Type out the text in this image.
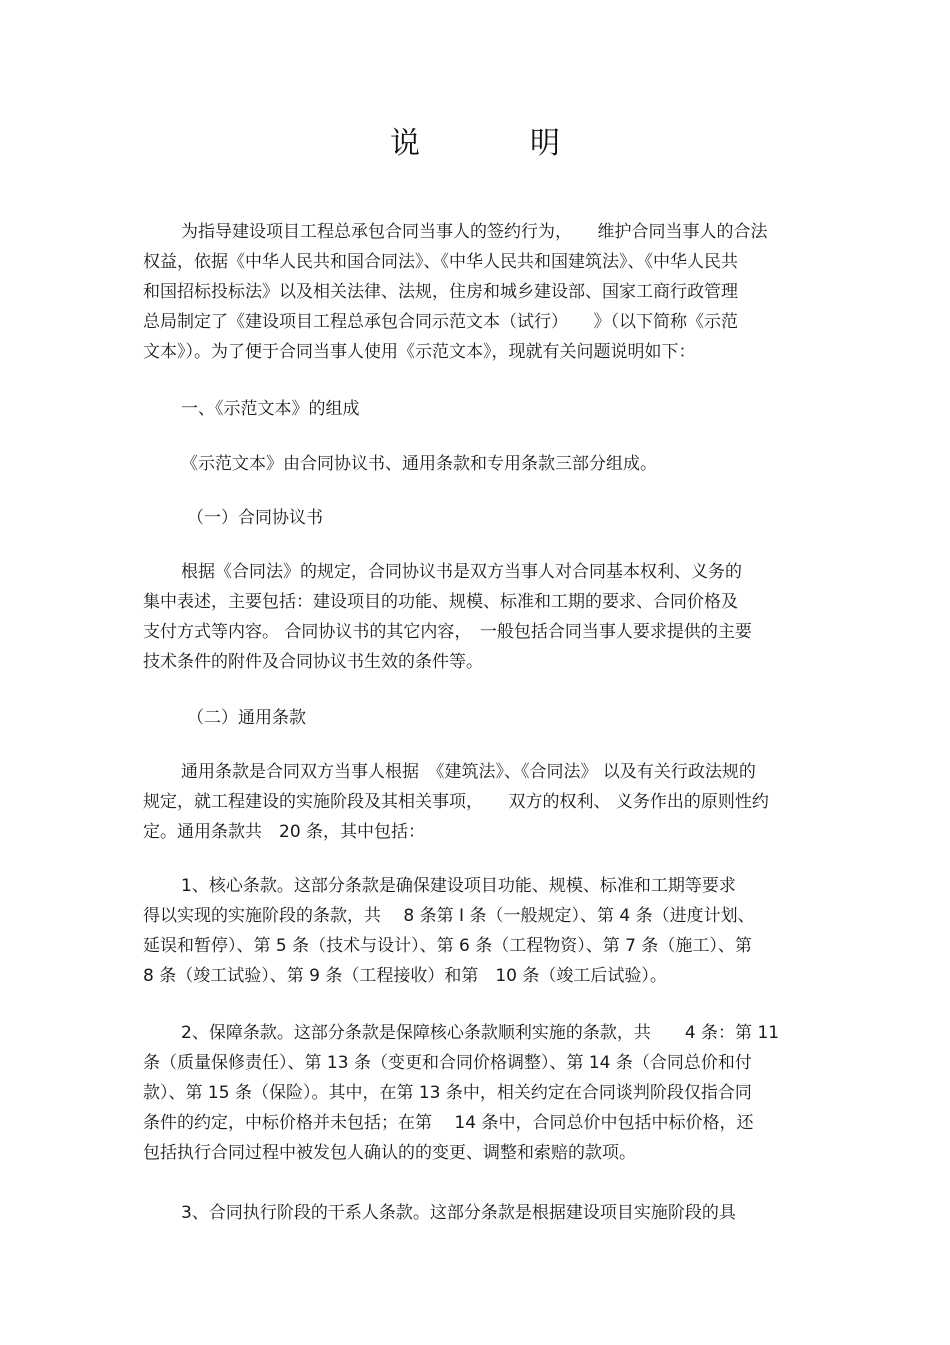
说　明
为指导建设项目工程总承包合同当事人的签约行为，　　维护合同当事人的合法
权益，依据《中华人民共和国合同法》、《中华人民共和国建筑法》、《中华人民共
和国招标投标法》以及相关法律、法规，住房和城乡建设部、国家工商行政管理
总局制定了《建设项目工程总承包合同示范文本（试行）　　》（以下简称《示范
文本》）。为了便于合同当事人使用《示范文本》，现就有关问题说明如下：
一、《示范文本》的组成
《示范文本》由合同协议书、通用条款和专用条款三部分组成。
（一）合同协议书
根据《合同法》的规定，合同协议书是双方当事人对合同基本权利、义务的
集中表述，主要包括：建设项目的功能、规模、标准和工期的要求、合同价格及
支付方式等内容。 合同协议书的其它内容，　一般包括合同当事人要求提供的主要
技术条件的附件及合同协议书生效的条件等。
（二）通用条款
通用条款是合同双方当事人根据　《建筑法》、《合同法》 以及有关行政法规的
规定，就工程建设的实施阶段及其相关事项，　　双方的权利、 义务作出的原则性约
定。通用条款共　20 条，其中包括：
1、核心条款。这部分条款是确保建设项目功能、规模、标准和工期等要求
得以实现的实施阶段的条款，共　 8 条第 I 条（一般规定）、第 4 条（进度计划、
延误和暂停）、第 5 条（技术与设计）、第 6 条（工程物资）、第 7 条（施工）、第
8 条（竣工试验）、第 9 条（工程接收）和第　10 条（竣工后试验）。
2、保障条款。这部分条款是保障核心条款顺利实施的条款，共　　4 条：第 11
条（质量保修责任）、第 13 条（变更和合同价格调整）、第 14 条（合同总价和付
款）、第 15 条（保险）。其中，在第 13 条中，相关约定在合同谈判阶段仅指合同
条件的约定，中标价格并未包括；在第　 14 条中，合同总价中包括中标价格，还
包括执行合同过程中被发包人确认的的变更、调整和索赔的款项。
3、合同执行阶段的干系人条款。这部分条款是根据建设项目实施阶段的具
